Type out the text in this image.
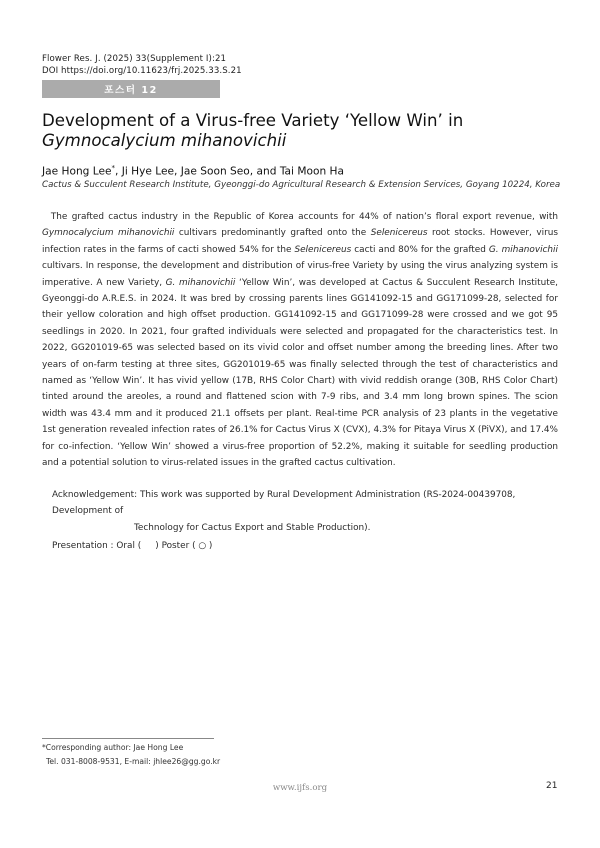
Flower Res. J. (2025) 33(Supplement I):21
DOI https://doi.org/10.11623/frj.2025.33.S.21
포스터 12
Development of a Virus-free Variety ‘Yellow Win’ in
Gymnocalycium mihanovichii
Jae Hong Lee*, Ji Hye Lee, Jae Soon Seo, and Tai Moon Ha
Cactus & Succulent Research Institute, Gyeonggi-do Agricultural Research & Extension Services, Goyang 10224, Korea

 The grafted cactus industry in the Republic of Korea accounts for 44% of nation’s floral export revenue, with Gymnocalycium mihanovichii cultivars predominantly grafted onto the Selenicereus root stocks. However, virus infection rates in the farms of cacti showed 54% for the Selenicereus cacti and 80% for the grafted G. mihanovichii cultivars. In response, the development and distribution of virus-free Variety by using the virus analyzing system is imperative. A new Variety, G. mihanovichii ‘Yellow Win’, was developed at Cactus & Succulent Research Institute, Gyeonggi-do A.R.E.S. in 2024. It was bred by crossing parents lines GG141092-15 and GG171099-28, selected for their yellow coloration and high offset production. GG141092-15 and GG171099-28 were crossed and we got 95 seedlings in 2020. In 2021, four grafted individuals were selected and propagated for the characteristics test. In 2022, GG201019-65 was selected based on its vivid color and offset number among the breeding lines. After two years of on-farm testing at three sites, GG201019-65 was finally selected through the test of characteristics and named as ‘Yellow Win’. It has vivid yellow (17B, RHS Color Chart) with vivid reddish orange (30B, RHS Color Chart) tinted around the areoles, a round and flattened scion with 7-9 ribs, and 3.4 mm long brown spines. The scion width was 43.4 mm and it produced 21.1 offsets per plant. Real-time PCR analysis of 23 plants in the vegetative 1st generation revealed infection rates of 26.1% for Cactus Virus X (CVX), 4.3% for Pitaya Virus X (PiVX), and 17.4% for co-infection. ‘Yellow Win’ showed a virus-free proportion of 52.2%, making it suitable for seedling production and a potential solution to virus-related issues in the grafted cactus cultivation.

Acknowledgement: This work was supported by Rural Development Administration (RS-2024-00439708, Development of
Technology for Cactus Export and Stable Production).
Presentation : Oral (     ) Poster ( ○ )
*Corresponding author: Jae Hong Lee
Tel. 031-8008-9531, E-mail: jhlee26@gg.go.kr
www.ijfs.org	21
